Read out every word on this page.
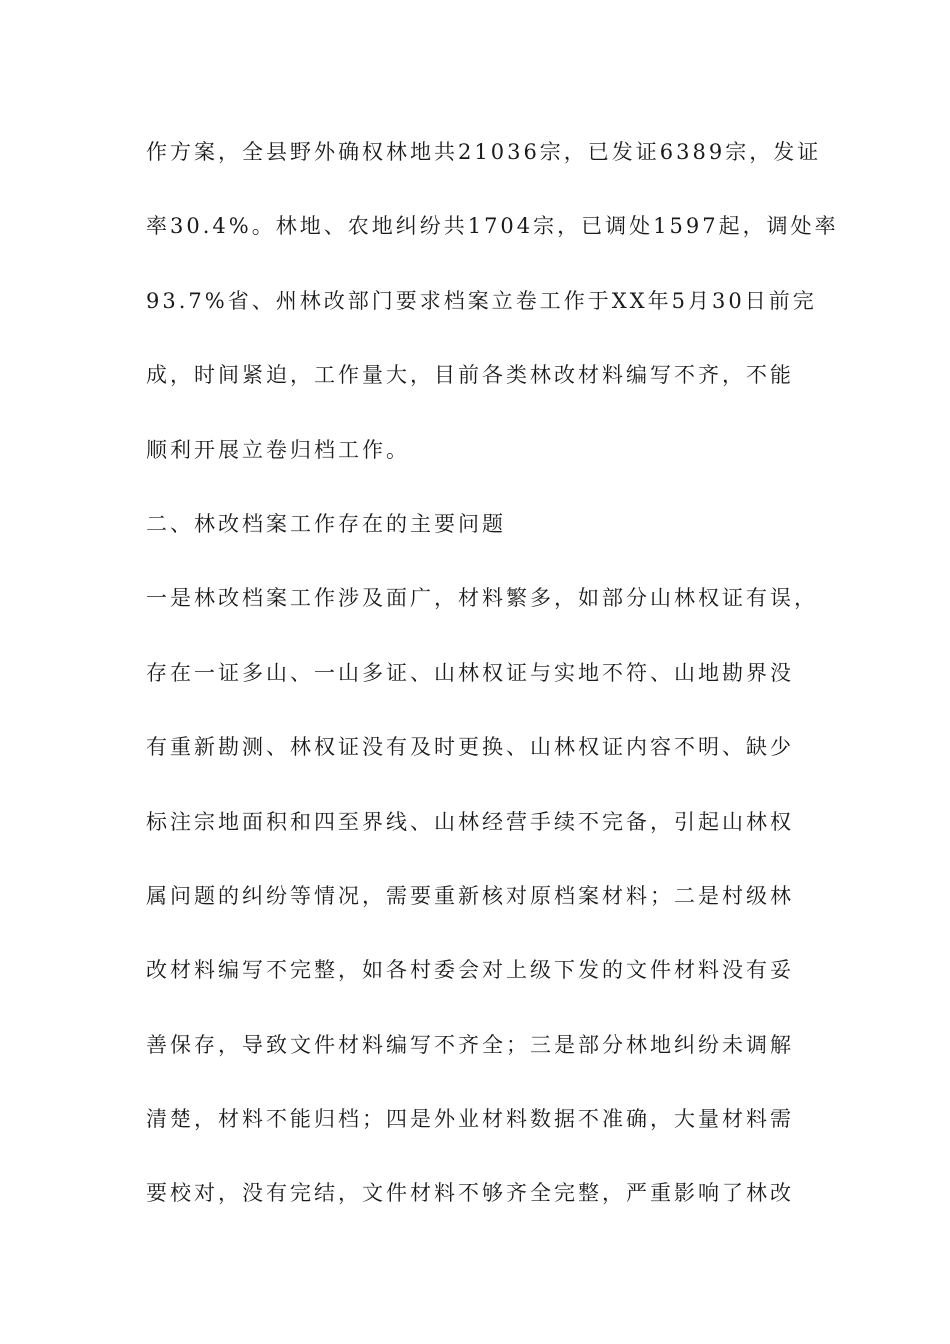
作方案，全县野外确权林地共21036宗，已发证6389宗，发证
率30.4%。林地、农地纠纷共1704宗，已调处1597起，调处率
93.7%省、州林改部门要求档案立卷工作于XX年5月30日前完
成，时间紧迫，工作量大，目前各类林改材料编写不齐，不能
顺利开展立卷归档工作。
二、林改档案工作存在的主要问题
一是林改档案工作涉及面广，材料繁多，如部分山林权证有误，
存在一证多山、一山多证、山林权证与实地不符、山地勘界没
有重新勘测、林权证没有及时更换、山林权证内容不明、缺少
标注宗地面积和四至界线、山林经营手续不完备，引起山林权
属问题的纠纷等情况，需要重新核对原档案材料；二是村级林
改材料编写不完整，如各村委会对上级下发的文件材料没有妥
善保存，导致文件材料编写不齐全；三是部分林地纠纷未调解
清楚，材料不能归档；四是外业材料数据不准确，大量材料需
要校对，没有完结，文件材料不够齐全完整，严重影响了林改
